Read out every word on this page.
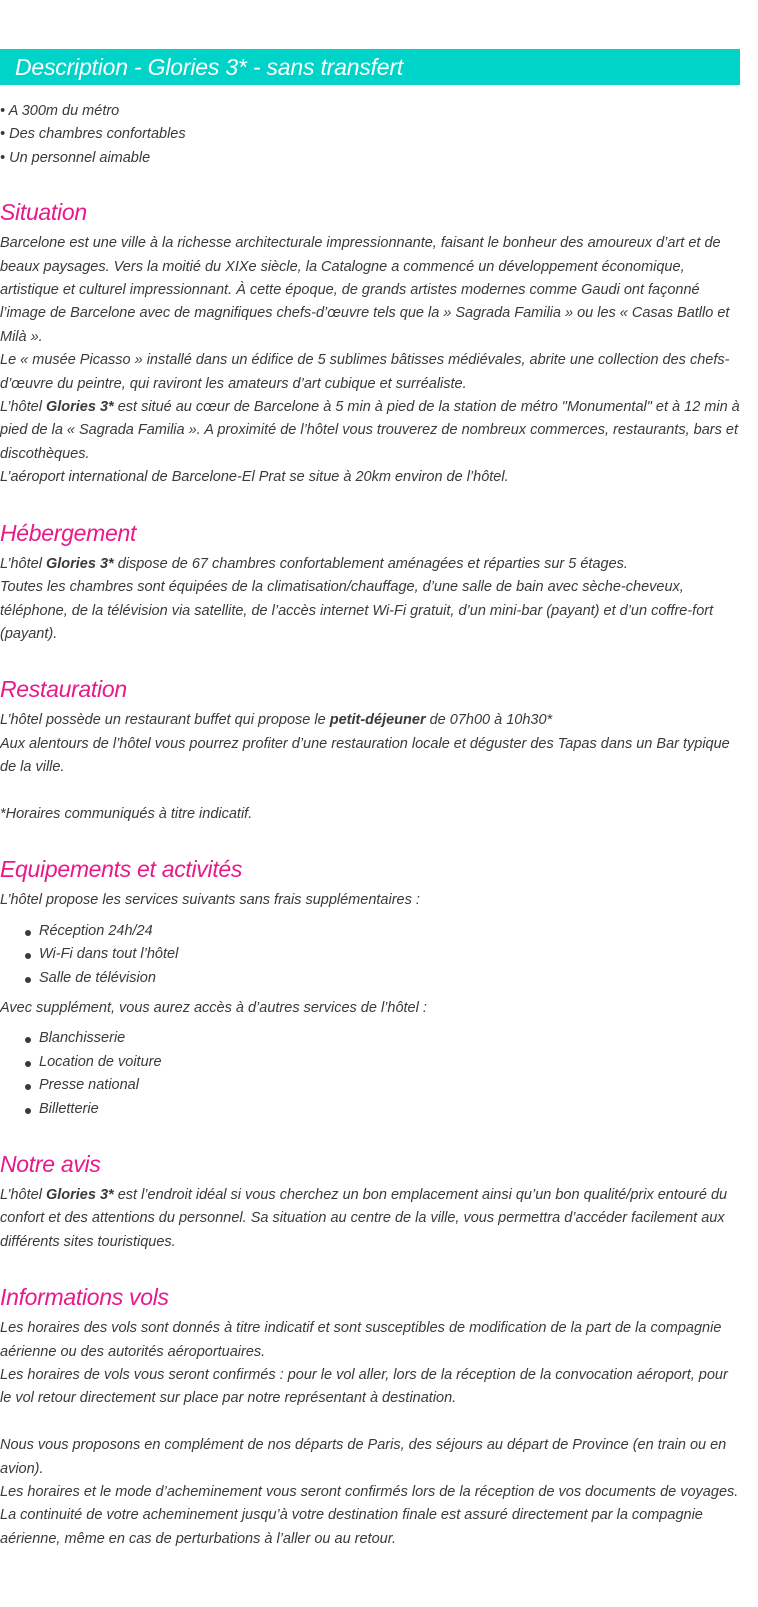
Description - Glories 3* - sans transfert
• A 300m du métro
• Des chambres confortables
• Un personnel aimable
Situation

Barcelone est une ville à la richesse architecturale impressionnante, faisant le bonheur des amoureux d’art et de beaux paysages. Vers la moitié du XIXe siècle, la Catalogne a commencé un développement économique, artistique et culturel impressionnant. À cette époque, de grands artistes modernes comme Gaudi ont façonné l’image de Barcelone avec de magnifiques chefs-d’œuvre tels que la » Sagrada Familia » ou les « Casas Batllo et Milà ».

Le « musée Picasso » installé dans un édifice de 5 sublimes bâtisses médiévales, abrite une collection des chefs-d’œuvre du peintre, qui raviront les amateurs d’art cubique et surréaliste.

L’hôtel Glories 3* est situé au cœur de Barcelone à 5 min à pied de la station de métro "Monumental" et à 12 min à pied de la « Sagrada Familia ». A proximité de l’hôtel vous trouverez de nombreux commerces, restaurants, bars et discothèques.

L’aéroport international de Barcelone-El Prat se situe à 20km environ de l’hôtel.

Hébergement

L’hôtel Glories 3* dispose de 67 chambres confortablement aménagées et réparties sur 5 étages.

Toutes les chambres sont équipées de la climatisation/chauffage, d’une salle de bain avec sèche-cheveux, téléphone, de la télévision via satellite, de l’accès internet Wi-Fi gratuit, d’un mini-bar (payant) et d’un coffre-fort (payant).

Restauration

L’hôtel possède un restaurant buffet qui propose le petit-déjeuner de 07h00 à 10h30*

Aux alentours de l’hôtel vous pourrez profiter d’une restauration locale et déguster des Tapas dans un Bar typique de la ville.

*Horaires communiqués à titre indicatif.

Equipements et activités

L’hôtel propose les services suivants sans frais supplémentaires :

Réception 24h/24
Wi-Fi dans tout l’hôtel
Salle de télévision

Avec supplément, vous aurez accès à d’autres services de l’hôtel :

Blanchisserie
Location de voiture
Presse national
Billetterie
Notre avis

L’hôtel Glories 3* est l’endroit idéal si vous cherchez un bon emplacement ainsi qu’un bon qualité/prix entouré du confort et des attentions du personnel. Sa situation au centre de la ville, vous permettra d’accéder facilement aux différents sites touristiques.

Informations vols

Les horaires des vols sont donnés à titre indicatif et sont susceptibles de modification de la part de la compagnie aérienne ou des autorités aéroportuaires.

Les horaires de vols vous seront confirmés : pour le vol aller, lors de la réception de la convocation aéroport, pour le vol retour directement sur place par notre représentant à destination.

Nous vous proposons en complément de nos départs de Paris, des séjours au départ de Province (en train ou en avion).

Les horaires et le mode d’acheminement vous seront confirmés lors de la réception de vos documents de voyages.

La continuité de votre acheminement jusqu’à votre destination finale est assuré directement par la compagnie aérienne, même en cas de perturbations à l’aller ou au retour.
